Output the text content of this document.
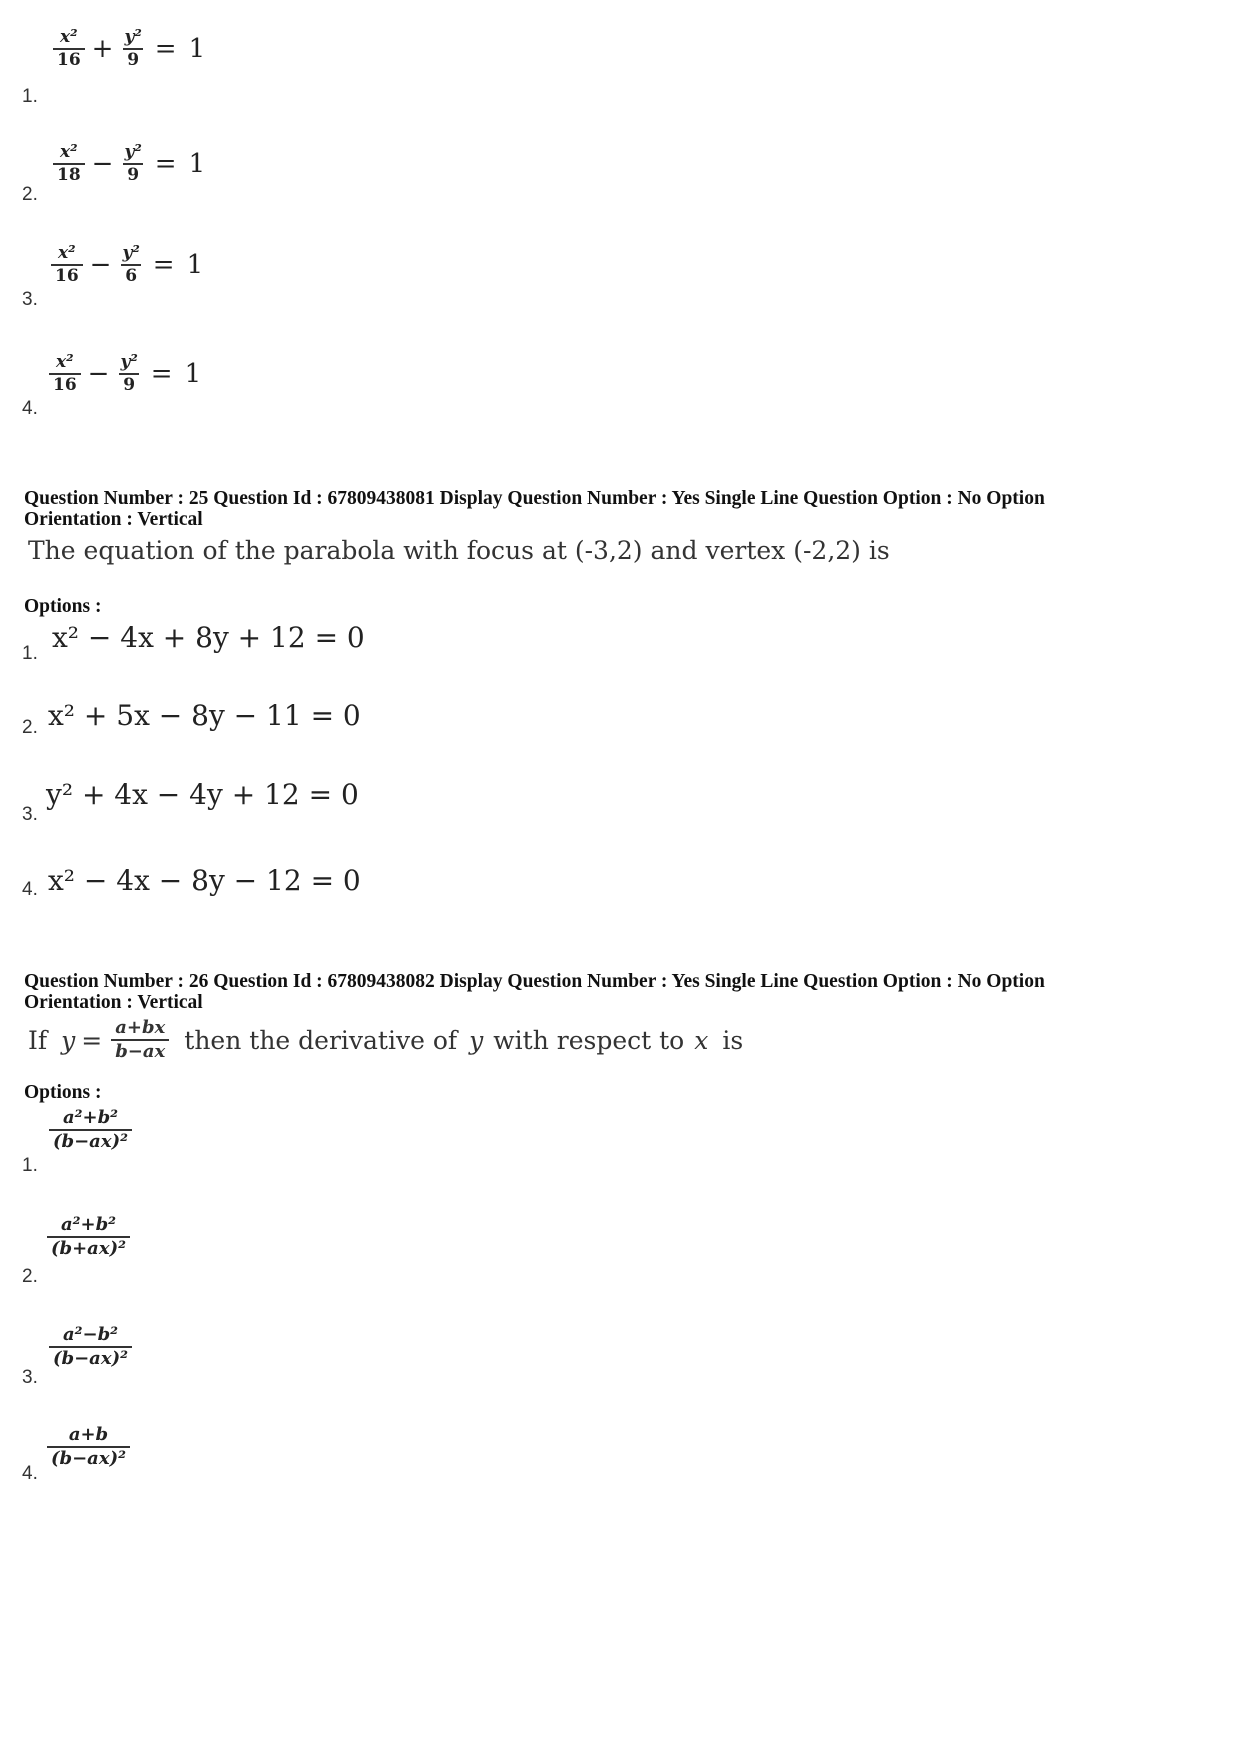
$\frac{\text{x²}}{16} + \frac{\text{y²}}{9} = 1$
1.
$\frac{\text{x²}}{18} - \frac{\text{y²}}{9} = 1$
2.
$\frac{\text{x²}}{16} - \frac{\text{y²}}{6} = 1$
3.
$\frac{\text{x²}}{16} - \frac{\text{y²}}{9} = 1$
4.
Question Number : 25 Question Id : 67809438081 Display Question Number : Yes Single Line Question Option : No Option
Orientation : Vertical
The equation of the parabola with focus at (-3,2) and vertex (-2,2) is
Options :
1. x² − 4x + 8y + 12 = 0
2. x² + 5x − 8y − 11 = 0
3.
y² + 4x − 4y + 12 = 0
4. x² − 4x − 8y − 12 = 0
Question Number : 26 Question Id : 67809438082 Display Question Number : Yes Single Line Question Option : No Option
Orientation : Vertical
If $y = \frac{a+bx}{b-ax}$ then the derivative of y with respect to x is
Options :
$\frac{\text{a²+b²}}{\text{(b−ax)²}}$
1.
$\frac{\text{a²+b²}}{\text{(b+ax)²}}$
2.
$\frac{\text{a²−b²}}{\text{(b−ax)²}}$
3.
$\frac{a+b}{\text{(b−ax)²}}$
4.
